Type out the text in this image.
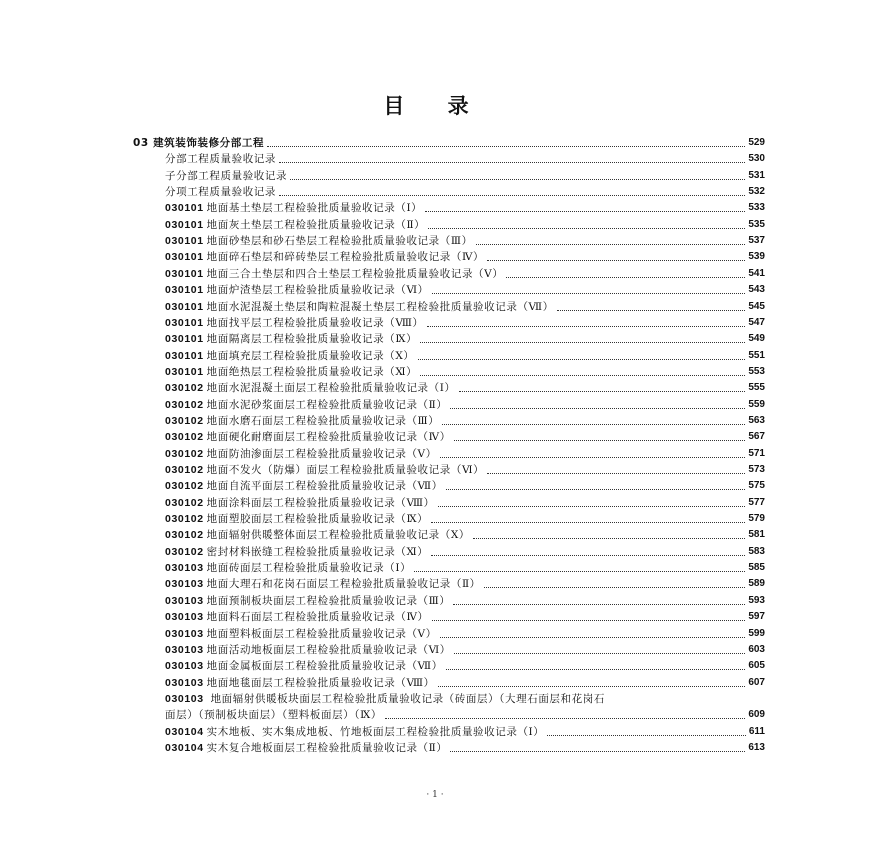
目 录
03 建筑装饰装修分部工程	529
分部工程质量验收记录	530
子分部工程质量验收记录	531
分项工程质量验收记录	532
030101 地面基土垫层工程检验批质量验收记录（Ⅰ）	533
030101 地面灰土垫层工程检验批质量验收记录（Ⅱ）	535
030101 地面砂垫层和砂石垫层工程检验批质量验收记录（Ⅲ）	537
030101 地面碎石垫层和碎砖垫层工程检验批质量验收记录（Ⅳ）	539
030101 地面三合土垫层和四合土垫层工程检验批质量验收记录（Ⅴ）	541
030101 地面炉渣垫层工程检验批质量验收记录（Ⅵ）	543
030101 地面水泥混凝土垫层和陶粒混凝土垫层工程检验批质量验收记录（Ⅶ）	545
030101 地面找平层工程检验批质量验收记录（Ⅷ）	547
030101 地面隔离层工程检验批质量验收记录（Ⅸ）	549
030101 地面填充层工程检验批质量验收记录（Ⅹ）	551
030101 地面绝热层工程检验批质量验收记录（Ⅺ）	553
030102 地面水泥混凝土面层工程检验批质量验收记录（Ⅰ）	555
030102 地面水泥砂浆面层工程检验批质量验收记录（Ⅱ）	559
030102 地面水磨石面层工程检验批质量验收记录（Ⅲ）	563
030102 地面硬化耐磨面层工程检验批质量验收记录（Ⅳ）	567
030102 地面防油渗面层工程检验批质量验收记录（Ⅴ）	571
030102 地面不发火（防爆）面层工程检验批质量验收记录（Ⅵ）	573
030102 地面自流平面层工程检验批质量验收记录（Ⅶ）	575
030102 地面涂料面层工程检验批质量验收记录（Ⅷ）	577
030102 地面塑胶面层工程检验批质量验收记录（Ⅸ）	579
030102 地面辐射供暖整体面层工程检验批质量验收记录（Ⅹ）	581
030102 密封材料嵌缝工程检验批质量验收记录（Ⅺ）	583
030103 地面砖面层工程检验批质量验收记录（Ⅰ）	585
030103 地面大理石和花岗石面层工程检验批质量验收记录（Ⅱ）	589
030103 地面预制板块面层工程检验批质量验收记录（Ⅲ）	593
030103 地面料石面层工程检验批质量验收记录（Ⅳ）	597
030103 地面塑料板面层工程检验批质量验收记录（Ⅴ）	599
030103 地面活动地板面层工程检验批质量验收记录（Ⅵ）	603
030103 地面金属板面层工程检验批质量验收记录（Ⅶ）	605
030103 地面地毯面层工程检验批质量验收记录（Ⅷ）	607
030103 地面辐射供暖板块面层工程检验批质量验收记录（砖面层）（大理石面层和花岗石
面层）（预制板块面层）（塑料板面层）（Ⅸ）	609
030104 实木地板、实木集成地板、竹地板面层工程检验批质量验收记录（Ⅰ）	611
030104 实木复合地板面层工程检验批质量验收记录（Ⅱ）	613
· 1 ·
